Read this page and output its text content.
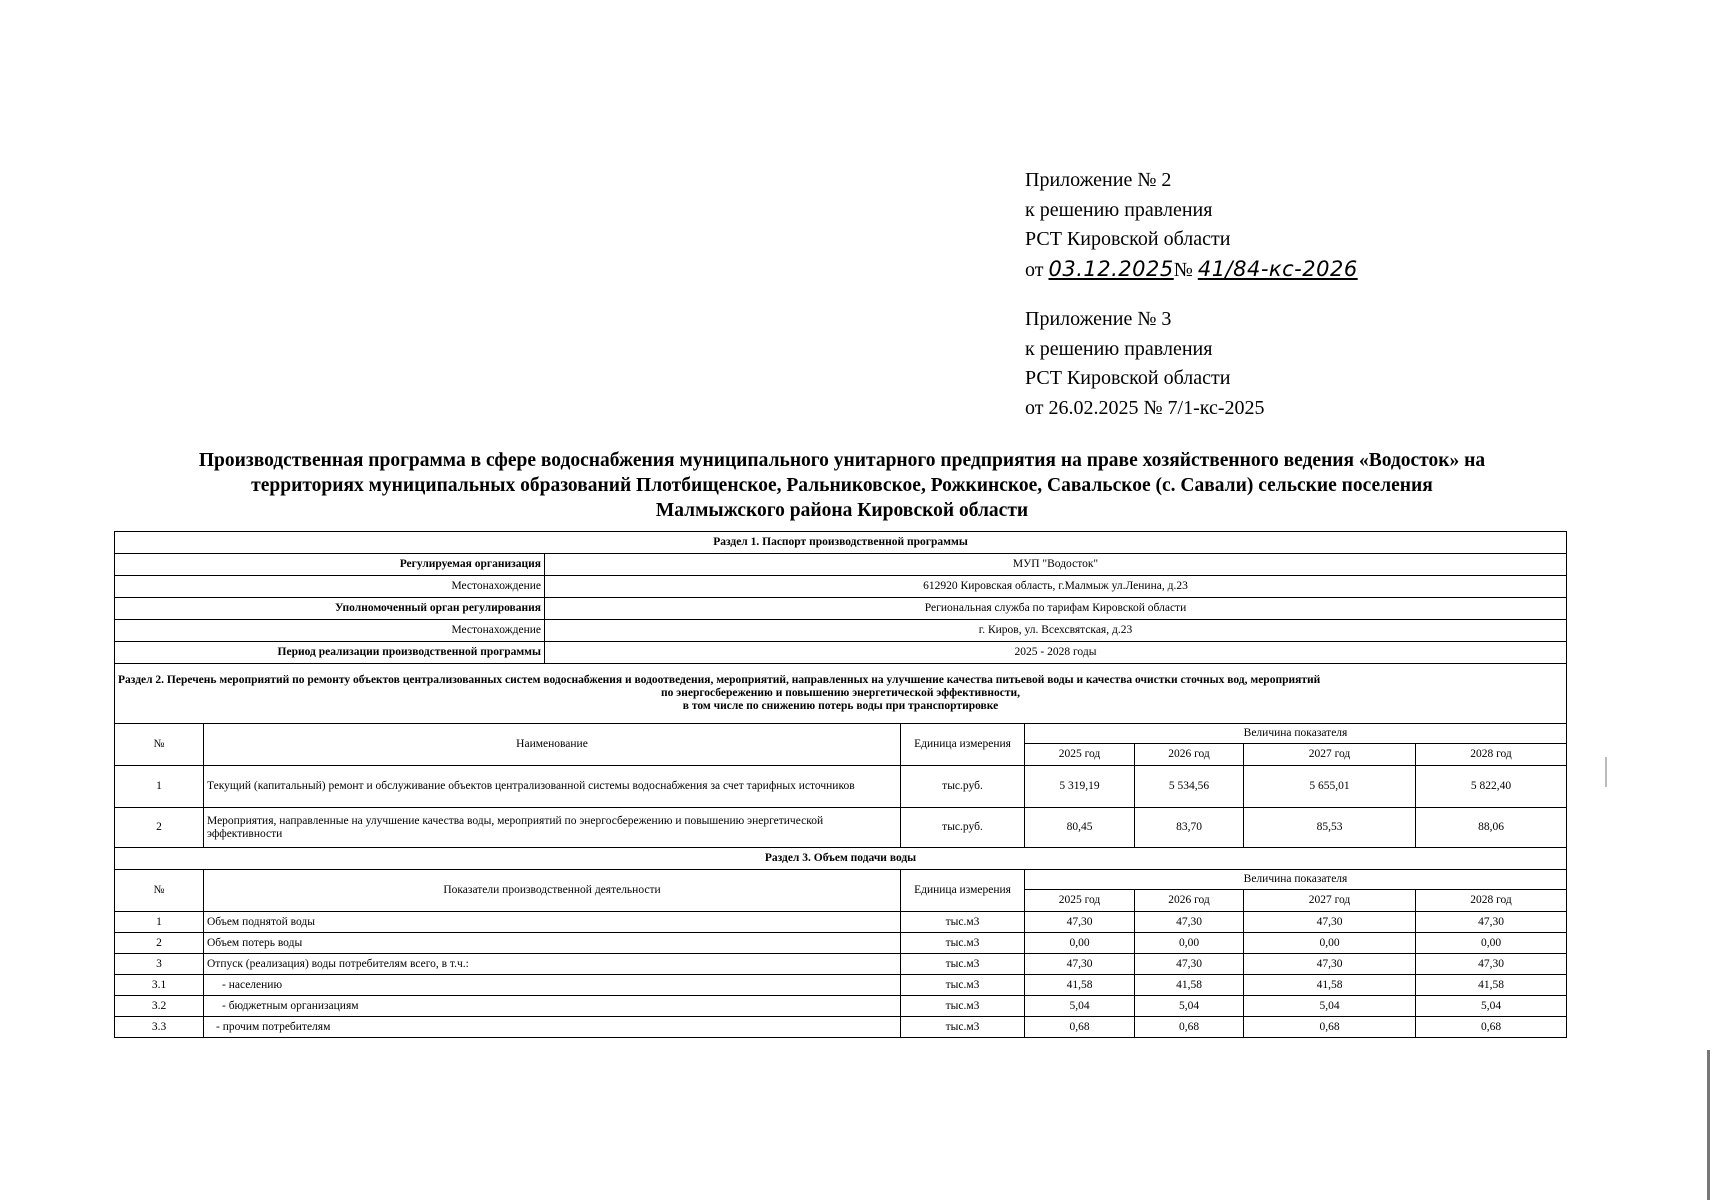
Приложение № 2
к решению правления
РСТ Кировской области
от 03.12.2025№ 41/84-кс-2026
Приложение № 3
к решению правления
РСТ Кировской области
от 26.02.2025 № 7/1-кс-2025
Производственная программа в сфере водоснабжения муниципального унитарного предприятия на праве хозяйственного ведения «Водосток» на
территориях муниципальных образований Плотбищенское, Ральниковское, Рожкинское, Савальское (с. Савали) сельские поселения
Малмыжского района Кировской области
Раздел 1. Паспорт производственной программы							
Регулируемая организация		МУП "Водосток"					
Местонахождение		612920 Кировская область, г.Малмыж ул.Ленина, д.23					
Уполномоченный орган регулирования		Региональная служба по тарифам Кировской области					
Местонахождение		г. Киров, ул. Всехсвятская, д.23					
Период реализации производственной программы		2025 - 2028 годы					

Раздел 2. Перечень мероприятий по ремонту объектов централизованных систем водоснабжения и водоотведения, мероприятий, направленных на улучшение качества питьевой воды и качества очистки сточных вод, мероприятий
по энергосбережению и повышению энергетической эффективности,
в том числе по снижению потерь воды при транспортировке							

№	Наименование		Единица измерения	Величина показателя			
				2025 год	2026 год	2027 год	2028 год
1	Текущий (капитальный) ремонт и обслуживание объектов централизованной системы водоснабжения за счет тарифных источников		тыс.руб.	5 319,19	5 534,56	5 655,01	5 822,40
2	Мероприятия, направленные на улучшение качества воды, мероприятий по энергосбережению и повышению энергетической эффективности		тыс.руб.	80,45	83,70	85,53	88,06
Раздел 3. Объем подачи воды							
№	Показатели производственной деятельности		Единица измерения	Величина показателя			
				2025 год	2026 год	2027 год	2028 год
1	Объем поднятой воды		тыс.м3	47,30	47,30	47,30	47,30
2	Объем потерь воды		тыс.м3	0,00	0,00	0,00	0,00
3	Отпуск (реализация) воды потребителям всего, в т.ч.:		тыс.м3	47,30	47,30	47,30	47,30
3.1	- населению		тыс.м3	41,58	41,58	41,58	41,58
3.2	- бюджетным организациям		тыс.м3	5,04	5,04	5,04	5,04
3.3	- прочим потребителям		тыс.м3	0,68	0,68	0,68	0,68
